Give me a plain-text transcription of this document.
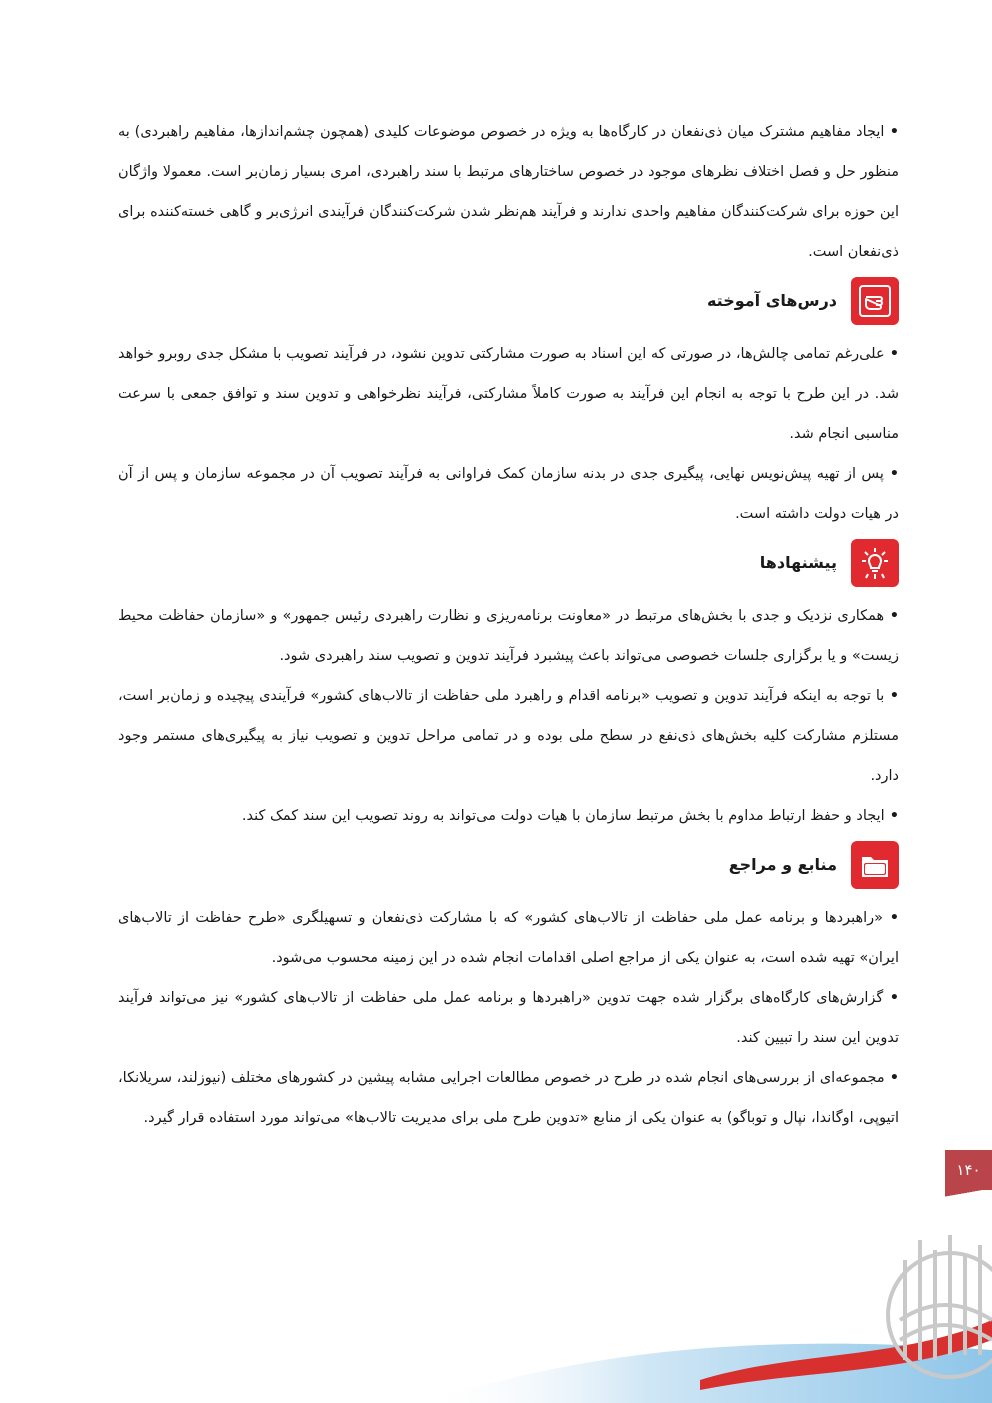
• ایجاد مفاهیم مشترک میان ذی‌نفعان در کارگاه‌ها به ویژه در خصوص موضوعات کلیدی (همچون چشم‌اندازها، مفاهیم راهبردی) به منظور حل و فصل اختلاف نظرهای موجود در خصوص ساختارهای مرتبط با سند راهبردی، امری بسیار زمان‌بر است. معمولا واژگان این حوزه برای شرکت‌کنندگان مفاهیم واحدی ندارند و فرآیند هم‌نظر شدن شرکت‌کنندگان فرآیندی انرژی‌بر و گاهی خسته‌کننده برای ذی‌نفعان است.

درس‌های آموخته

• علی‌رغم تمامی چالش‌ها، در صورتی که این اسناد به صورت مشارکتی تدوین نشود، در فرآیند تصویب با مشکل جدی روبرو خواهد شد. در این طرح با توجه به انجام این فرآیند به صورت کاملاً مشارکتی، فرآیند نظرخواهی و تدوین سند و توافق جمعی با سرعت مناسبی انجام شد.

• پس از تهیه پیش‌نویس نهایی، پیگیری جدی در بدنه سازمان کمک فراوانی به فرآیند تصویب آن در مجموعه سازمان و پس از آن در هیات دولت داشته است.

پیشنهادها

• همکاری نزدیک و جدی با بخش‌های مرتبط در «معاونت برنامه‌ریزی و نظارت راهبردی رئیس جمهور» و «سازمان حفاظت محیط زیست» و یا برگزاری جلسات خصوصی می‌تواند باعث پیشبرد فرآیند تدوین و تصویب سند راهبردی شود.

• با توجه به اینکه فرآیند تدوین و تصویب «برنامه اقدام و راهبرد ملی حفاظت از تالاب‌های کشور» فرآیندی پیچیده و زمان‌بر است، مستلزم مشارکت کلیه بخش‌های ذی‌نفع در سطح ملی بوده و در تمامی مراحل تدوین و تصویب نیاز به پیگیری‌های مستمر وجود دارد.

• ایجاد و حفظ ارتباط مداوم با بخش مرتبط سازمان با هیات دولت می‌تواند به روند تصویب این سند کمک کند.

منابع و مراجع

• «راهبردها و برنامه عمل ملی حفاظت از تالاب‌های کشور» که با مشارکت ذی‌نفعان و تسهیلگری «طرح حفاظت از تالاب‌های ایران» تهیه شده است، به عنوان یکی از مراجع اصلی اقدامات انجام شده در این زمینه محسوب می‌شود.

• گزارش‌های کارگاه‌های برگزار شده جهت تدوین «راهبردها و برنامه عمل ملی حفاظت از تالاب‌های کشور» نیز می‌تواند فرآیند تدوین این سند را تبیین کند.

• مجموعه‌ای از بررسی‌های انجام شده در طرح در خصوص مطالعات اجرایی مشابه پیشین در کشورهای مختلف (نیوزلند، سریلانکا، اتیوپی، اوگاندا، نپال و توباگو) به عنوان یکی از منابع «تدوین طرح ملی برای مدیریت تالاب‌ها» می‌تواند مورد استفاده قرار گیرد.

۱۴۰
